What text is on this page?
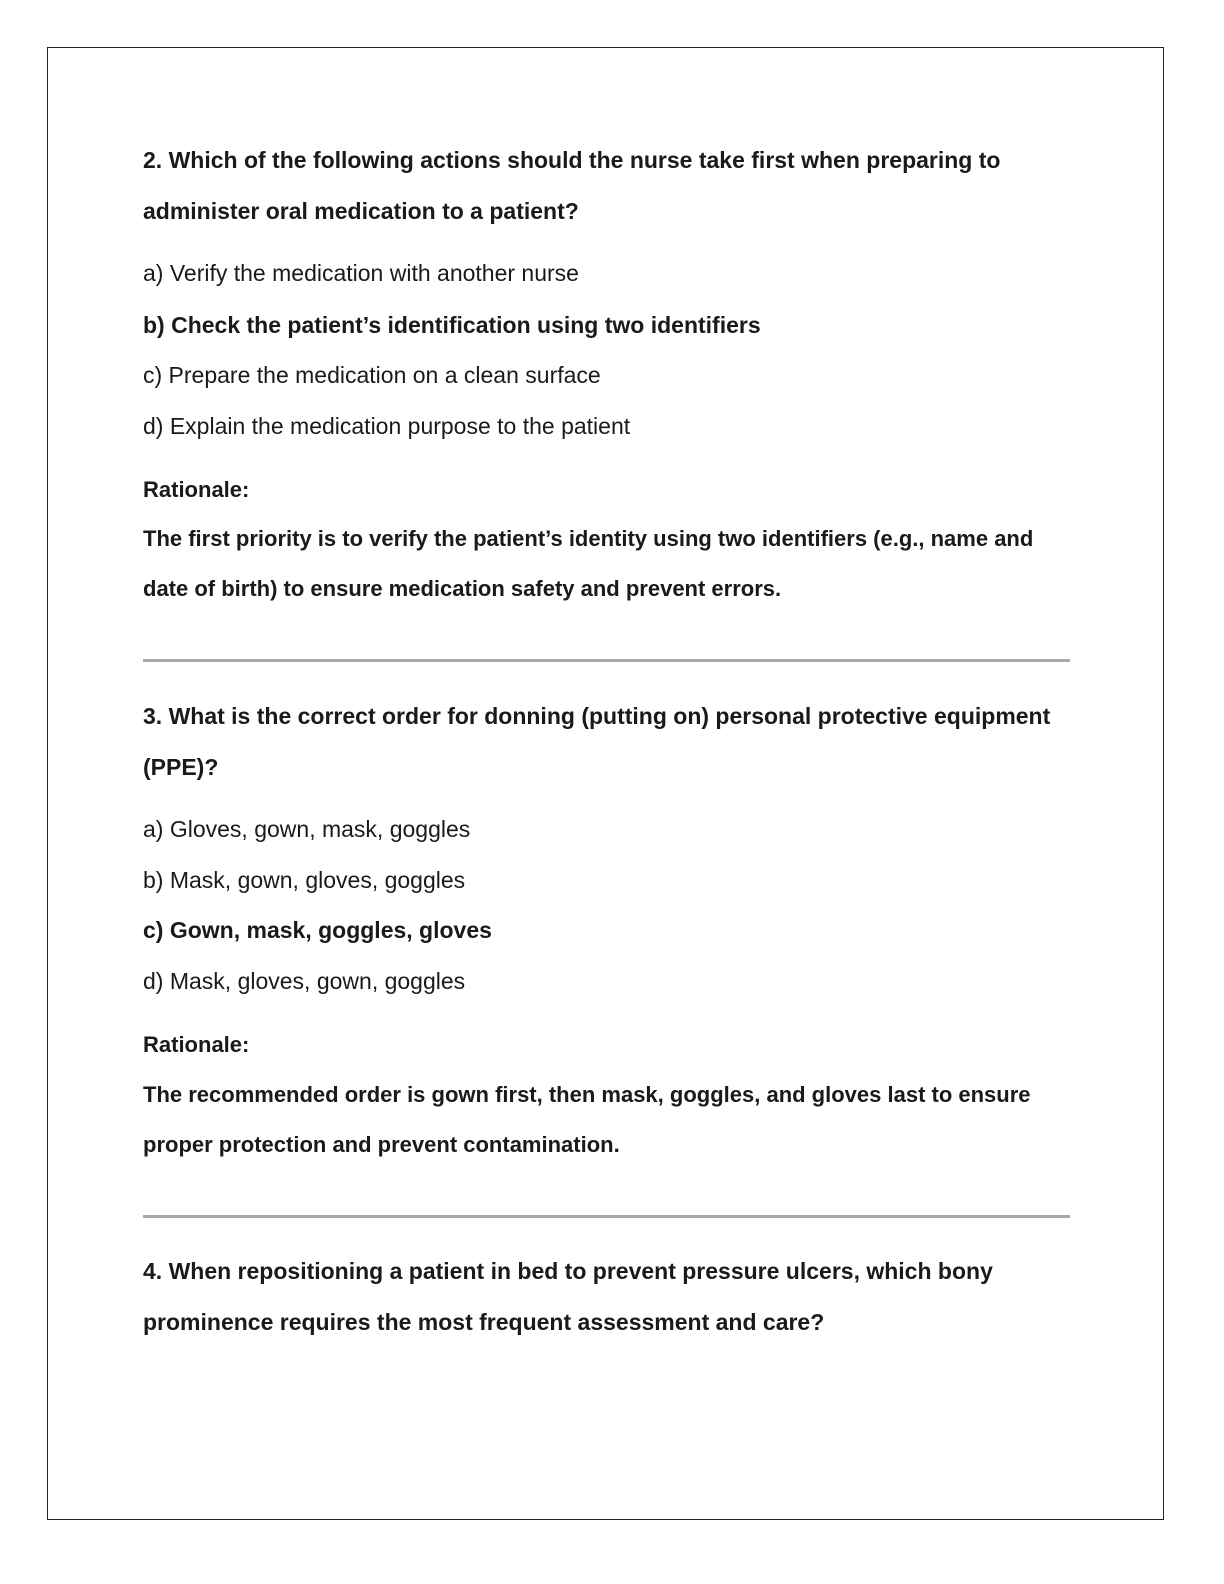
2. Which of the following actions should the nurse take first when preparing to administer oral medication to a patient?

a) Verify the medication with another nurse

b) Check the patient’s identification using two identifiers

c) Prepare the medication on a clean surface

d) Explain the medication purpose to the patient

Rationale:

The first priority is to verify the patient’s identity using two identifiers (e.g., name and date of birth) to ensure medication safety and prevent errors.

3. What is the correct order for donning (putting on) personal protective equipment (PPE)?

a) Gloves, gown, mask, goggles

b) Mask, gown, gloves, goggles

c) Gown, mask, goggles, gloves

d) Mask, gloves, gown, goggles

Rationale:

The recommended order is gown first, then mask, goggles, and gloves last to ensure proper protection and prevent contamination.

4. When repositioning a patient in bed to prevent pressure ulcers, which bony prominence requires the most frequent assessment and care?
